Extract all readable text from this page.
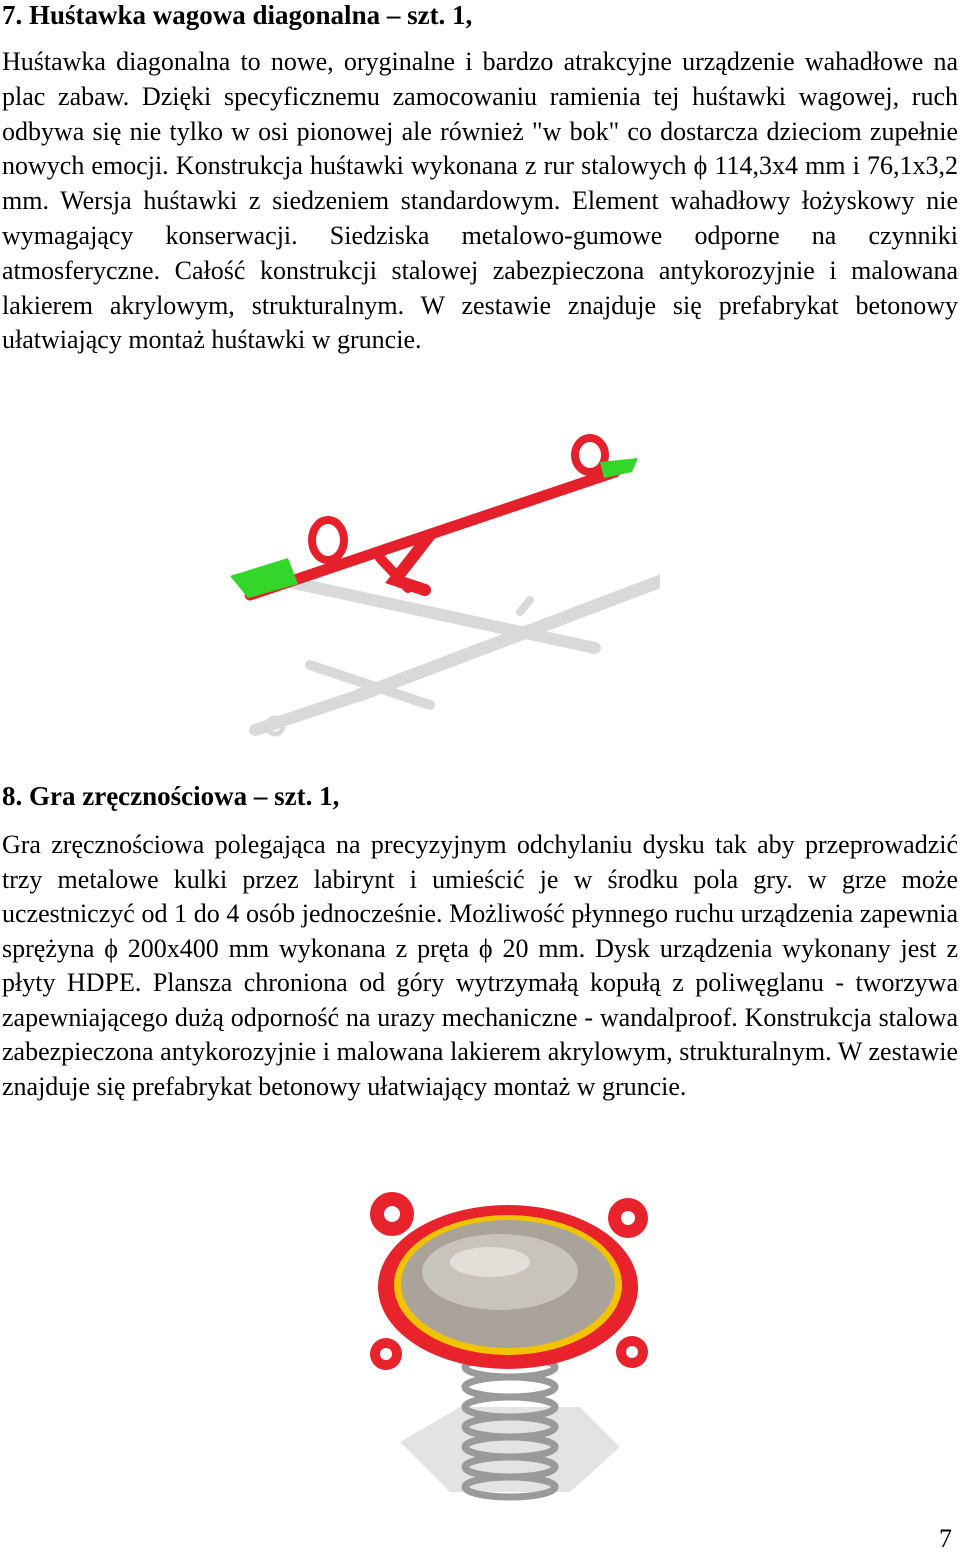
7. Huśtawka wagowa diagonalna – szt. 1,

Huśtawka diagonalna to nowe, oryginalne i bardzo atrakcyjne urządzenie wahadłowe na plac zabaw. Dzięki specyficznemu zamocowaniu ramienia tej huśtawki wagowej, ruch odbywa się nie tylko w osi pionowej ale również "w bok" co dostarcza dzieciom zupełnie nowych emocji. Konstrukcja huśtawki wykonana z rur stalowych ϕ 114,3x4 mm i 76,1x3,2 mm. Wersja huśtawki z siedzeniem standardowym. Element wahadłowy łożyskowy nie wymagający konserwacji. Siedziska metalowo-gumowe odporne na czynniki atmosferyczne. Całość konstrukcji stalowej zabezpieczona antykorozyjnie i malowana lakierem akrylowym, strukturalnym. W zestawie znajduje się prefabrykat betonowy ułatwiający montaż huśtawki w gruncie.

8. Gra zręcznościowa – szt. 1,

Gra zręcznościowa polegająca na precyzyjnym odchylaniu dysku tak aby przeprowadzić trzy metalowe kulki przez labirynt i umieścić je w środku pola gry. w grze może uczestniczyć od 1 do 4 osób jednocześnie. Możliwość płynnego ruchu urządzenia zapewnia sprężyna ϕ 200x400 mm wykonana z pręta ϕ 20 mm. Dysk urządzenia wykonany jest z płyty HDPE. Plansza chroniona od góry wytrzymałą kopułą z poliwęglanu - tworzywa zapewniającego dużą odporność na urazy mechaniczne - wandalproof. Konstrukcja stalowa zabezpieczona antykorozyjnie i malowana lakierem akrylowym, strukturalnym. W zestawie znajduje się prefabrykat betonowy ułatwiający montaż w gruncie.

7
